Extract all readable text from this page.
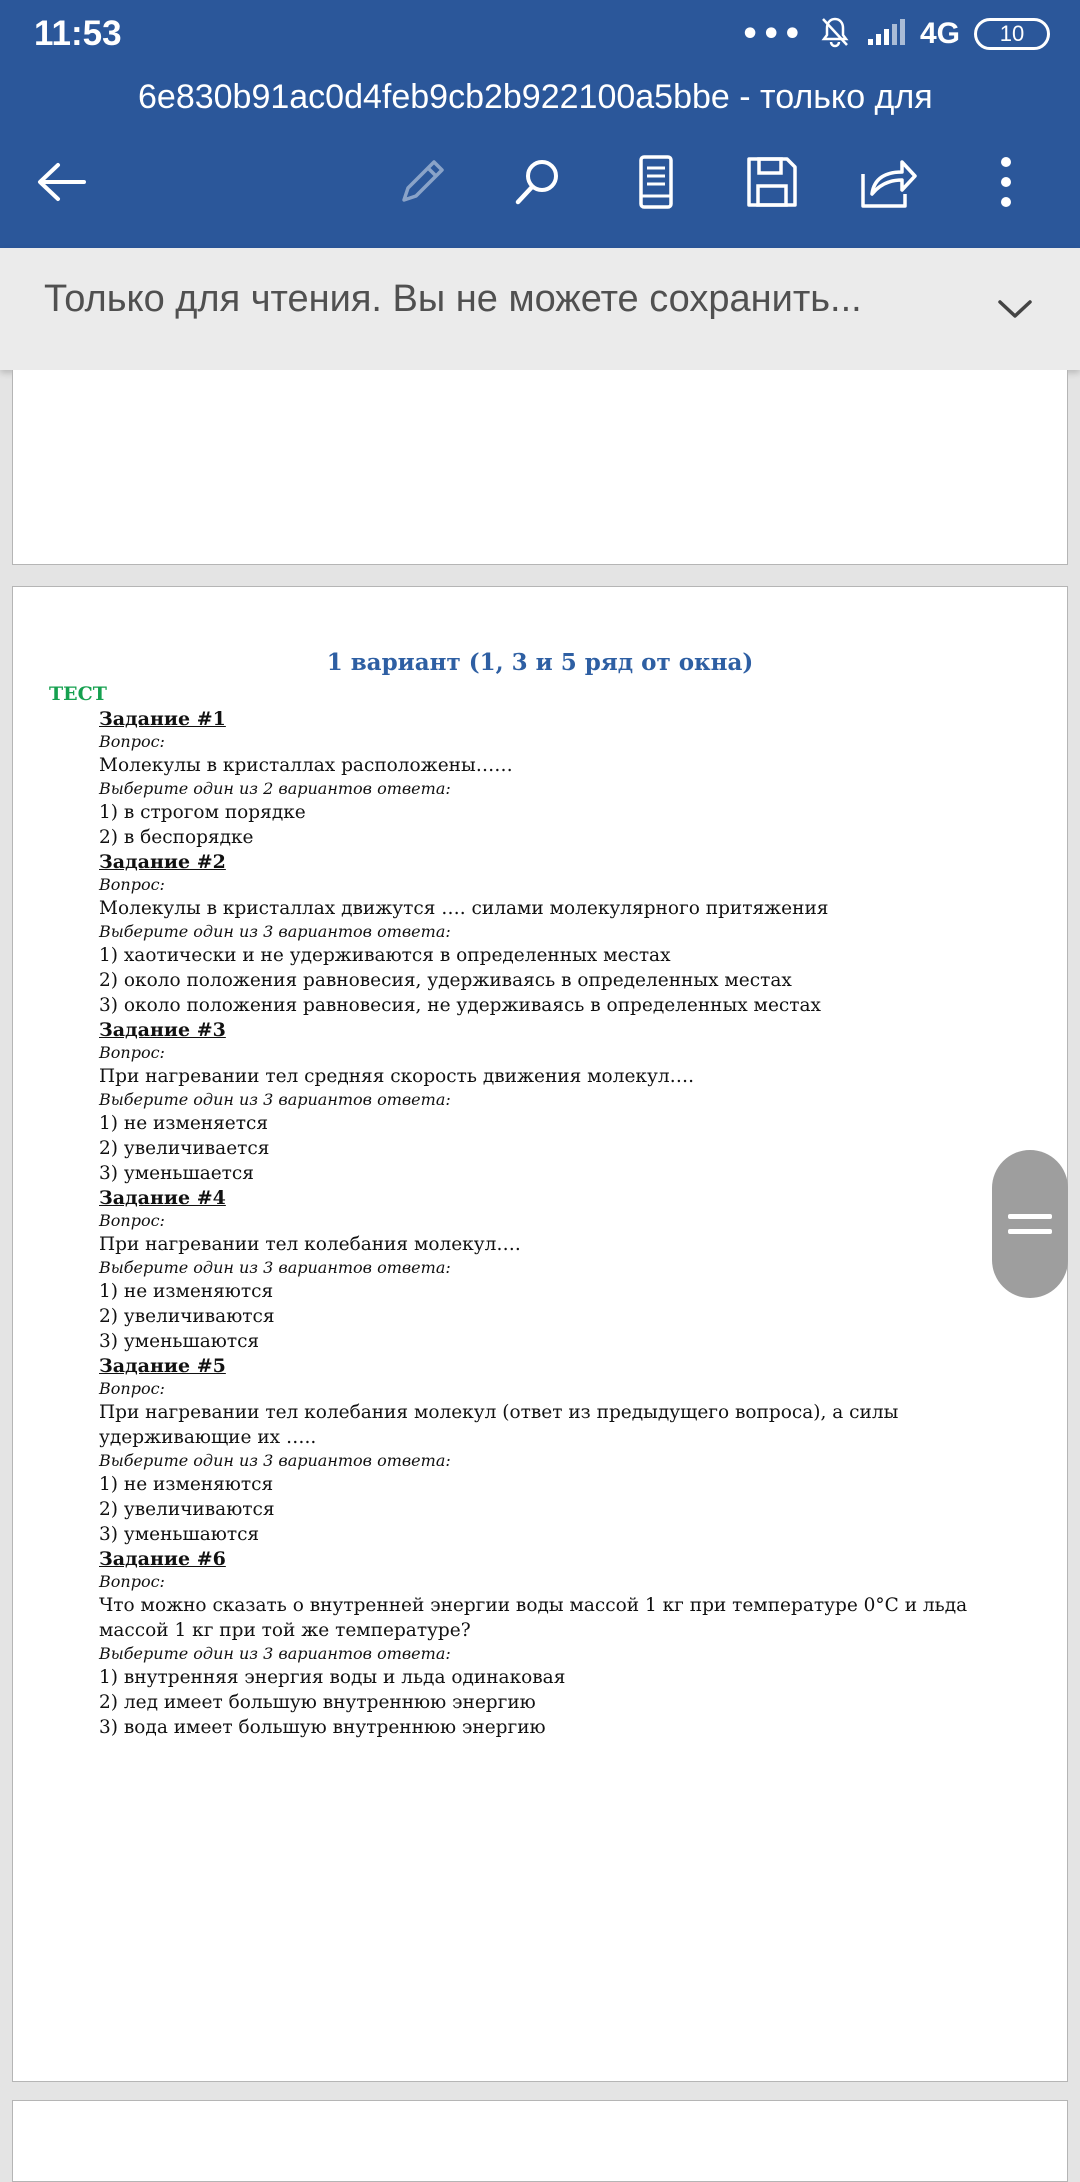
11:53	•••	4G	10
6e830b91ac0d4feb9cb2b922100a5bbe - только для
Только для чтения. Вы не можете сохранить...
1 вариант (1, 3 и 5 ряд от окна)
ТЕСТ
Задание #1
Вопрос:
Молекулы в кристаллах расположены……
Выберите один из 2 вариантов ответа:
1) в строгом порядке
2) в беспорядке
Задание #2
Вопрос:
Молекулы в кристаллах движутся …. силами молекулярного притяжения
Выберите один из 3 вариантов ответа:
1) хаотически и не удерживаются в определенных местах
2) около положения равновесия, удерживаясь в определенных местах
3) около положения равновесия, не удерживаясь в определенных местах
Задание #3
Вопрос:
При нагревании тел средняя скорость движения молекул….
Выберите один из 3 вариантов ответа:
1) не изменяется
2) увеличивается
3) уменьшается
Задание #4
Вопрос:
При нагревании тел колебания молекул….
Выберите один из 3 вариантов ответа:
1) не изменяются
2) увеличиваются
3) уменьшаются
Задание #5
Вопрос:
При нагревании тел колебания молекул (ответ из предыдущего вопроса), а силы удерживающие их …..
Выберите один из 3 вариантов ответа:
1) не изменяются
2) увеличиваются
3) уменьшаются
Задание #6
Вопрос:
Что можно сказать о внутренней энергии воды массой 1 кг при температуре 0°С и льда массой 1 кг при той же температуре?
Выберите один из 3 вариантов ответа:
1) внутренняя энергия воды и льда одинаковая
2) лед имеет большую внутреннюю энергию
3) вода имеет большую внутреннюю энергию
